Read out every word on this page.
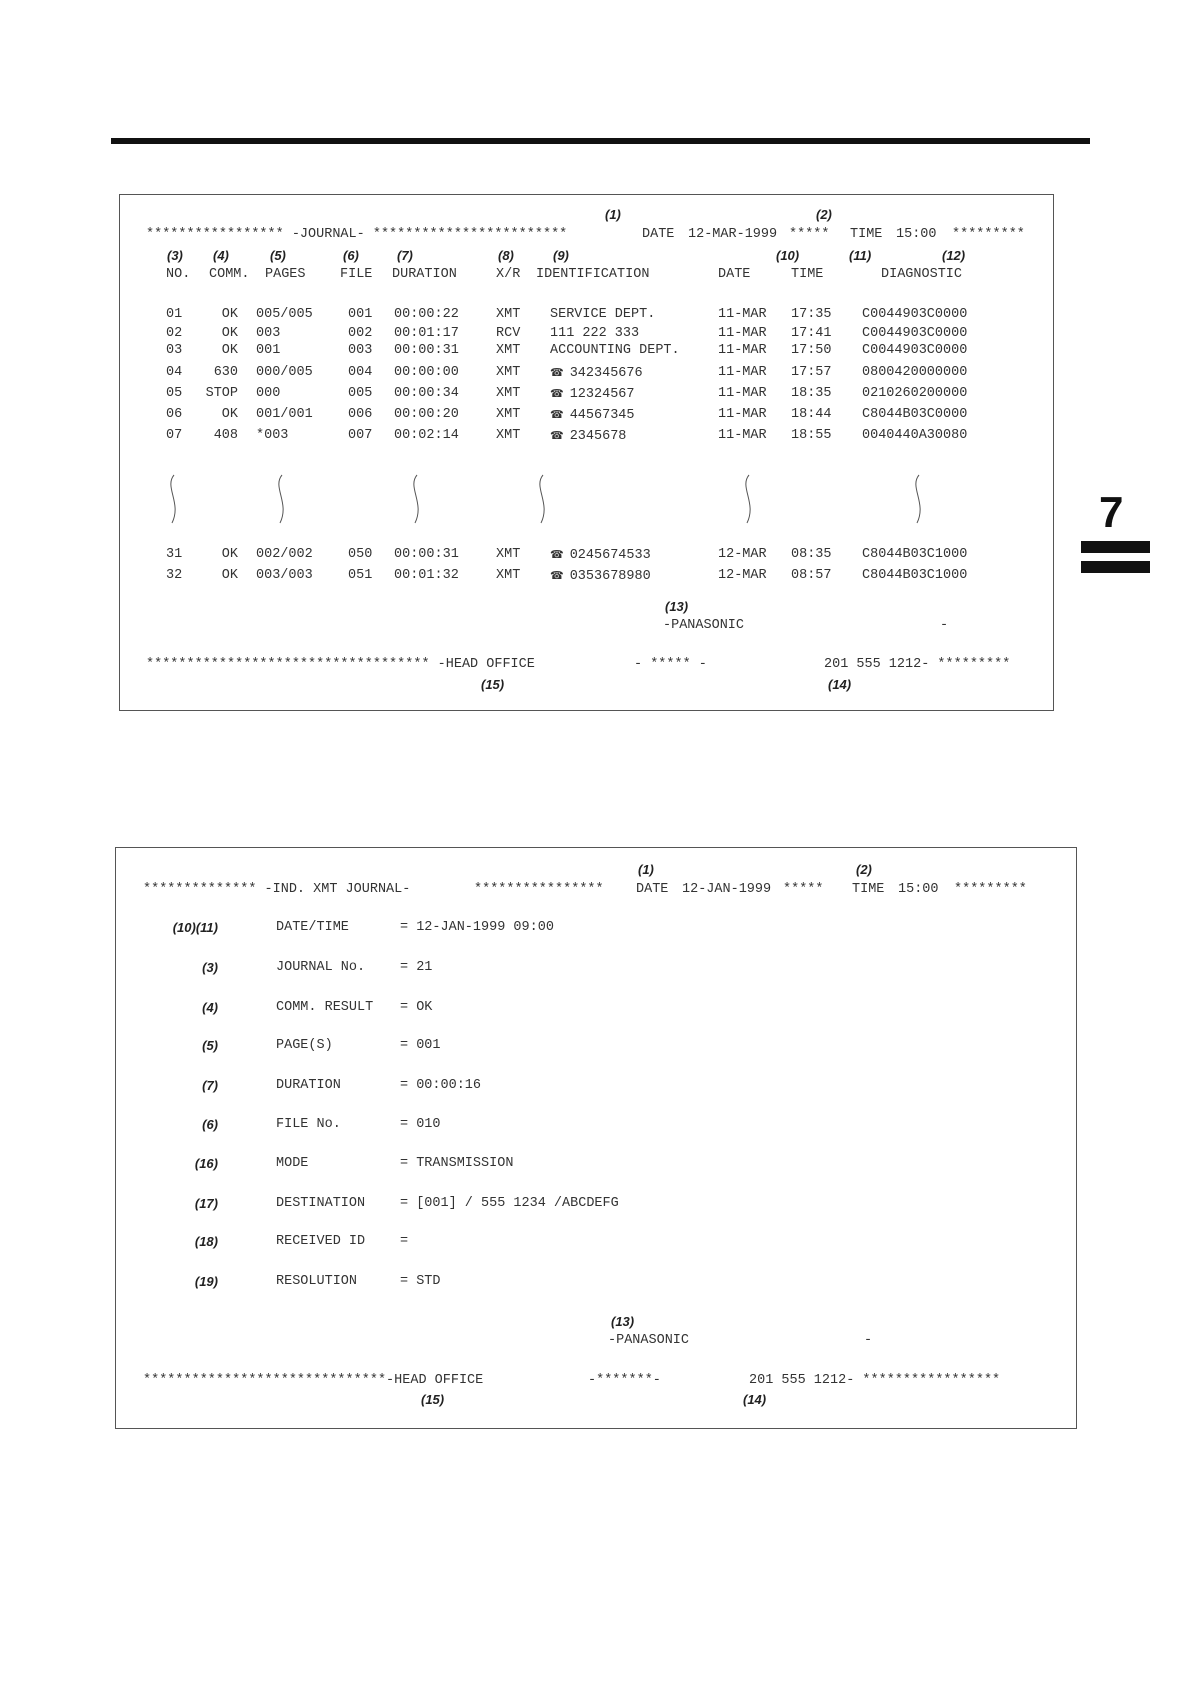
7
(1)	(2)
***************** -JOURNAL- ************************	DATE 12-MAR-1999 ***** TIME 15:00 *********
(3) (4)	(5)	(6)	(7)	(8)	(9)	(10)	(11)	(12)
NO. COMM. PAGES	FILE DURATION	X/R IDENTIFICATION	DATE	TIME	DIAGNOSTIC
01	OK 005/005	001 00:00:22	XMT SERVICE DEPT.	11-MAR 17:35 C0044903C0000
02	OK 003	002 00:01:17	RCV 111 222 333	11-MAR 17:41 C0044903C0000
03	OK 001	003 00:00:31	XMT ACCOUNTING DEPT.	11-MAR 17:50 C0044903C0000
04	630 000/005	004 00:00:00	XMT	☎ 342345676	11-MAR 17:57 0800420000000
05 STOP 000	005 00:00:34	XMT	☎ 12324567	11-MAR 18:35 0210260200000
06	OK 001/001	006 00:00:20	XMT	☎ 44567345	11-MAR 18:44 C8044B03C0000
07	408 *003	007 00:02:14	XMT	☎ 2345678	11-MAR 18:55 0040440A30080
31	OK 002/002	050 00:00:31	XMT	☎ 0245674533	12-MAR 08:35 C8044B03C1000
32	OK 003/003	051 00:01:32	XMT	☎ 0353678980	12-MAR 08:57 C8044B03C1000
(13)
-PANASONIC	-
*********************************** -HEAD OFFICE	- ***** -	201 555 1212- *********
(15)	(14)
(1)	(2)
************** -IND. XMT JOURNAL-	**************** DATE 12-JAN-1999 ***** TIME 15:00 *********
(10)(11)	DATE/TIME	= 12-JAN-1999 09:00
(3)	JOURNAL No.	= 21
(4)	COMM. RESULT = OK
(5)	PAGE(S)	= 001
(7)	DURATION	= 00:00:16
(6)	FILE No.	= 010
(16)	MODE	= TRANSMISSION
(17)	DESTINATION	= [001] / 555 1234 /ABCDEFG
(18)	RECEIVED ID	=
(19)	RESOLUTION	= STD
(13)
-PANASONIC	-
******************************-HEAD OFFICE	-*******-	201 555 1212- *****************
(15)	(14)
